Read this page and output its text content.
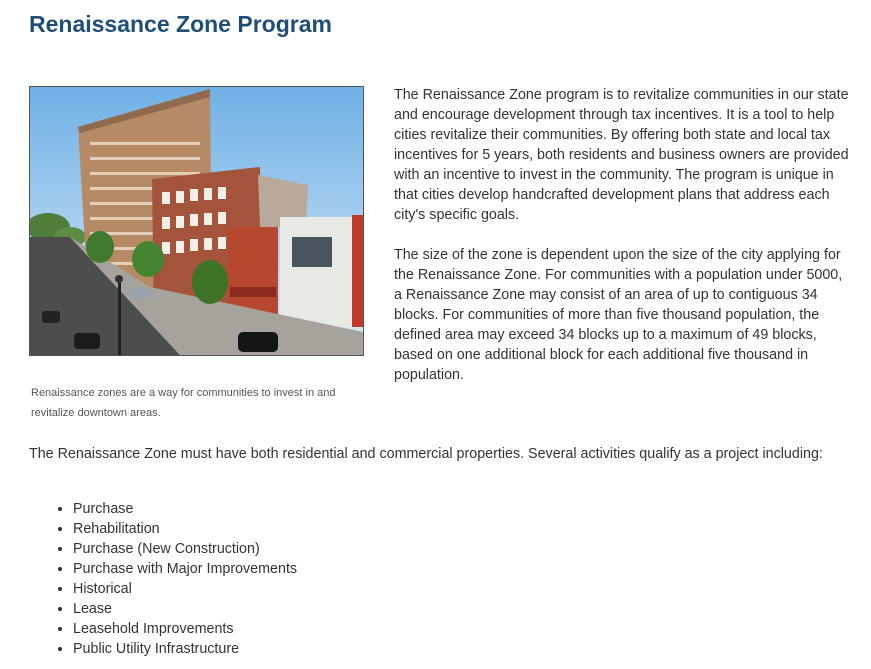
Renaissance Zone Program
Renaissance zones are a way for communities to invest in and revitalize downtown areas.

The Renaissance Zone program is to revitalize communities in our state and encourage development through tax incentives. It is a tool to help cities revitalize their communities. By offering both state and local tax incentives for 5 years, both residents and business owners are provided with an incentive to invest in the community. The program is unique in that cities develop handcrafted development plans that address each city's specific goals.

The size of the zone is dependent upon the size of the city applying for the Renaissance Zone. For communities with a population under 5000, a Renaissance Zone may consist of an area of up to contiguous 34 blocks. For communities of more than five thousand population, the defined area may exceed 34 blocks up to a maximum of 49 blocks, based on one additional block for each additional five thousand in population.

The Renaissance Zone must have both residential and commercial properties. Several activities qualify as a project including:

• Purchase
• Rehabilitation
• Purchase (New Construction)
• Purchase with Major Improvements
• Historical
• Lease
• Leasehold Improvements
• Public Utility Infrastructure
